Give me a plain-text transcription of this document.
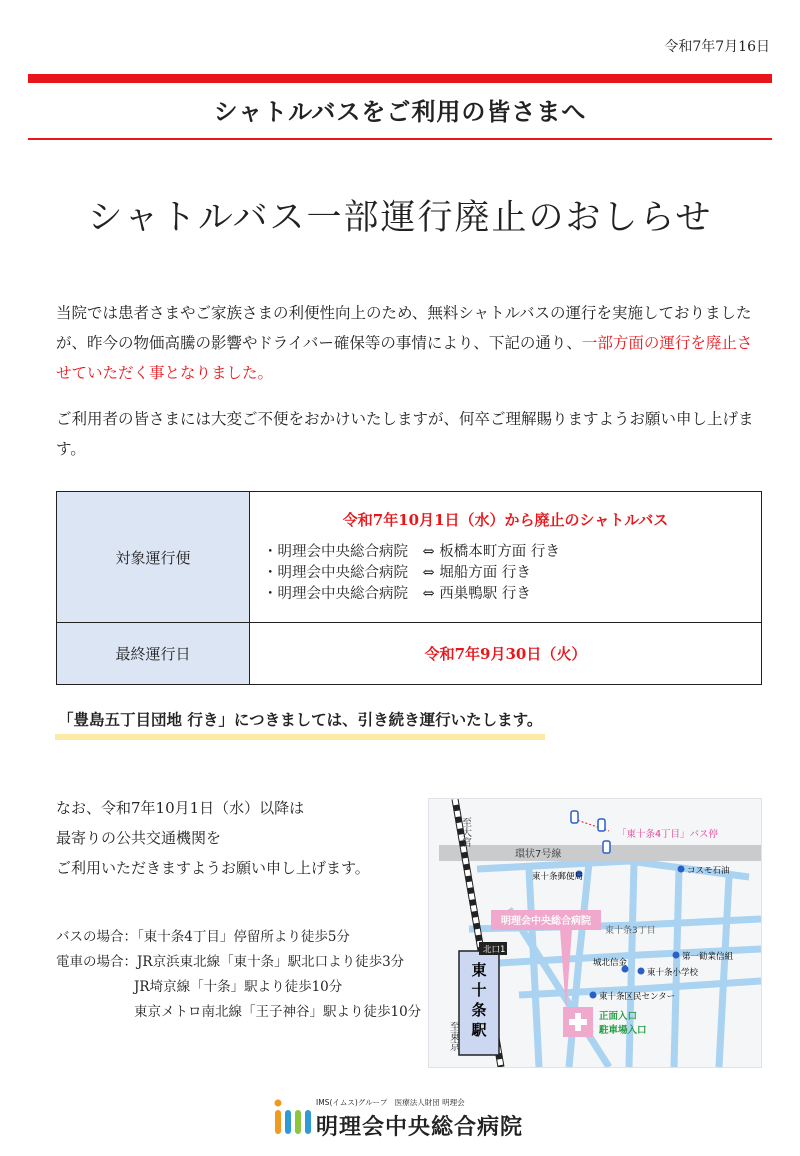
令和7年7月16日
シャトルバスをご利用の皆さまへ
シャトルバス一部運行廃止のおしらせ
当院では患者さまやご家族さまの利便性向上のため、無料シャトルバスの運行を実施しておりましたが、昨今の物価高騰の影響やドライバー確保等の事情により、下記の通り、一部方面の運行を廃止させていただく事となりました。
ご利用者の皆さまには大変ご不便をおかけいたしますが、何卒ご理解賜りますようお願い申し上げます。
対象運行便	令和7年10月1日（水）から廃止のシャトルバス
・明理会中央総合病院　⇔ 板橋本町方面 行き
・明理会中央総合病院　⇔ 堀船方面 行き
・明理会中央総合病院　⇔ 西巣鴨駅 行き

最終運行日	令和7年9月30日（火）
「豊島五丁目団地 行き」につきましては、引き続き運行いたします。
なお、令和7年10月1日（水）以降は
最寄りの公共交通機関を
ご利用いただきますようお願い申し上げます。
バスの場合：「東十条4丁目」停留所より徒歩5分
電車の場合：JR京浜東北線「東十条」駅北口より徒歩3分
JR埼京線「十条」駅より徒歩10分
東京メトロ南北線「王子神谷」駅より徒歩10分
環状7号線
至大宮
至東京
東
十
条
駅
北口1
「東十条4丁目」バス停
東十条郵便局
コスモ石油
東十条3丁目
第一勧業信組
城北信金
東十条小学校
東十条区民センター
明理会中央総合病院
正面入口
駐車場入口
IMS(イムス)グループ　医療法人財団 明理会
明理会中央総合病院
